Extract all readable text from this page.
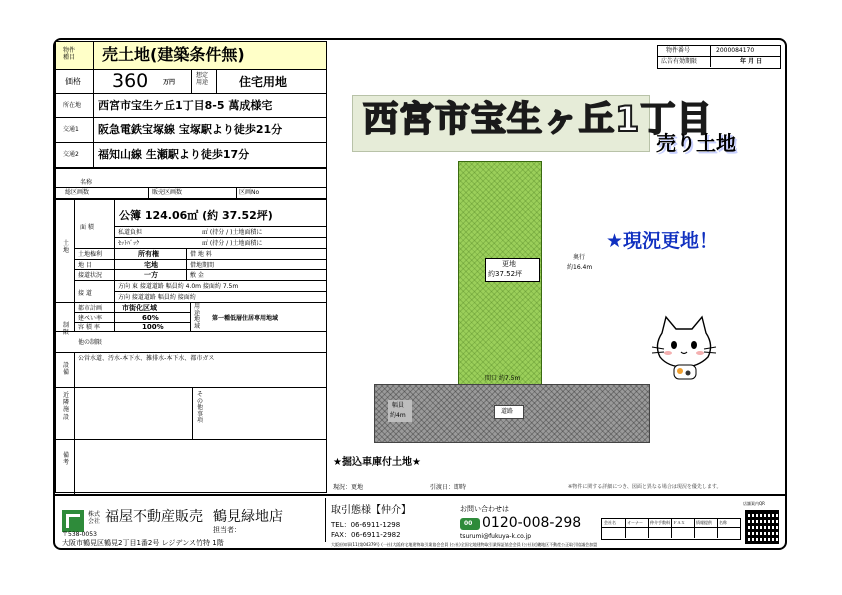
物件
種目	売土地(建築条件無)
価格 360 万円
想定
用途	住宅用地
所在地 西宮市宝生ケ丘1丁目8-5 萬成様宅
交通1 阪急電鉄宝塚線 宝塚駅より徒歩21分
交通2 福知山線 生瀬駅より徒歩17分
名称
総区画数	販売区画数	区画No
土地
面 積
公簿 124.06㎡ (約 37.52坪)
私道負担	㎡ (持分 / )土地面積に
ｾｯﾄﾊﾞｯｸ	㎡ (持分 / )土地面積に
土地権利	所有権	借 地 料
地 目	宅地	借地期間
接道状況	一方	敷 金
接 道
方向 東 接道道路 幅員約 4.0m 接面約 7.5m
方向 接道道路 幅員約 接面約
制限
都市計画	市街化区域	用途地域
第一種低層住居専用地域
建ぺい率	60%
容 積 率	100%
他の制限
設備
公営水道、汚水-本下水、雑排水-本下水、都市ガス
近隣施設
その他事項
備考
物件番号	2000084170
広告有効期限	年 月 日
西宮市宝生ヶ丘1丁目
売り土地
★現況更地！
更地
約37.52坪
奥行
約16.4m
間口 約7.5m
道路
幅員
約4m
★掘込車庫付土地★
現況：更地	引渡日：即時	※物件に関する詳細につき、図面と異なる場合は現況を優先します。
株式
会社 福屋不動産販売 鶴見緑地店
担当者：
〒538-0053
大阪市鶴見区鶴見2丁目1番2号 レジデンス竹特 1階
取引態様【仲介】
TEL：06-6911-1298
FAX：06-6911-2982
お問い合わせは
00 0120-008-298
tsurumi@fukuya-k.co.jp
大阪府知事(11)第04379号 (一社)大阪府宅地建物取引業協会会員 (公社)全国宅地建物取引業保証協会会員 (公社)近畿地区不動産公正取引協議会加盟
会社名	オーナー 仲介手数料 ＦＡＸ	情報提供 名称
店舗案内QR
